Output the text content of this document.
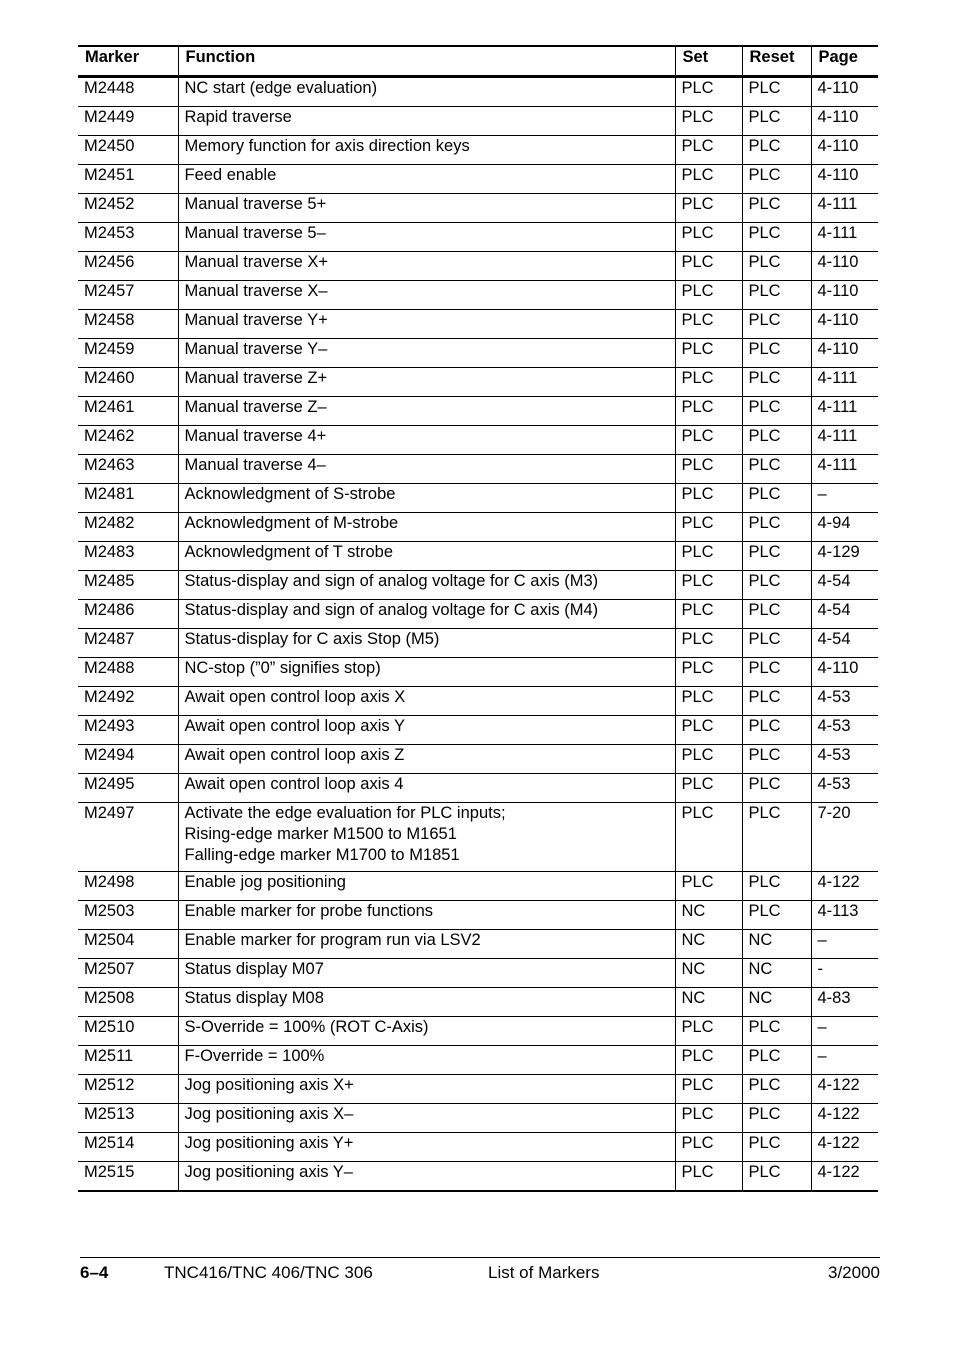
Marker	Function	Set	Reset	Page
M2448	NC start (edge evaluation)	PLC	PLC	4-110
M2449	Rapid traverse	PLC	PLC	4-110
M2450	Memory function for axis direction keys	PLC	PLC	4-110
M2451	Feed enable	PLC	PLC	4-110
M2452	Manual traverse 5+	PLC	PLC	4-111
M2453	Manual traverse 5–	PLC	PLC	4-111
M2456	Manual traverse X+	PLC	PLC	4-110
M2457	Manual traverse X–	PLC	PLC	4-110
M2458	Manual traverse Y+	PLC	PLC	4-110
M2459	Manual traverse Y–	PLC	PLC	4-110
M2460	Manual traverse Z+	PLC	PLC	4-111
M2461	Manual traverse Z–	PLC	PLC	4-111
M2462	Manual traverse 4+	PLC	PLC	4-111
M2463	Manual traverse 4–	PLC	PLC	4-111
M2481	Acknowledgment of S-strobe	PLC	PLC	–
M2482	Acknowledgment of M-strobe	PLC	PLC	4-94
M2483	Acknowledgment of T strobe	PLC	PLC	4-129
M2485	Status-display and sign of analog voltage for C axis (M3)	PLC	PLC	4-54
M2486	Status-display and sign of analog voltage for C axis (M4)	PLC	PLC	4-54
M2487	Status-display for C axis Stop (M5)	PLC	PLC	4-54
M2488	NC-stop (”0” signifies stop)	PLC	PLC	4-110
M2492	Await open control loop axis X	PLC	PLC	4-53
M2493	Await open control loop axis Y	PLC	PLC	4-53
M2494	Await open control loop axis Z	PLC	PLC	4-53
M2495	Await open control loop axis 4	PLC	PLC	4-53
M2497	Activate the edge evaluation for PLC inputs;
Rising-edge marker M1500 to M1651
Falling-edge marker M1700 to M1851	PLC	PLC	7-20
M2498	Enable jog positioning	PLC	PLC	4-122
M2503	Enable marker for probe functions	NC	PLC	4-113
M2504	Enable marker for program run via LSV2	NC	NC	–
M2507	Status display M07	NC	NC	-
M2508	Status display M08	NC	NC	4-83
M2510	S-Override = 100% (ROT C-Axis)	PLC	PLC	–
M2511	F-Override = 100%	PLC	PLC	–
M2512	Jog positioning axis X+	PLC	PLC	4-122
M2513	Jog positioning axis X–	PLC	PLC	4-122
M2514	Jog positioning axis Y+	PLC	PLC	4-122
M2515	Jog positioning axis Y–	PLC	PLC	4-122
6–4	TNC416/TNC 406/TNC 306	List of Markers	3/2000
